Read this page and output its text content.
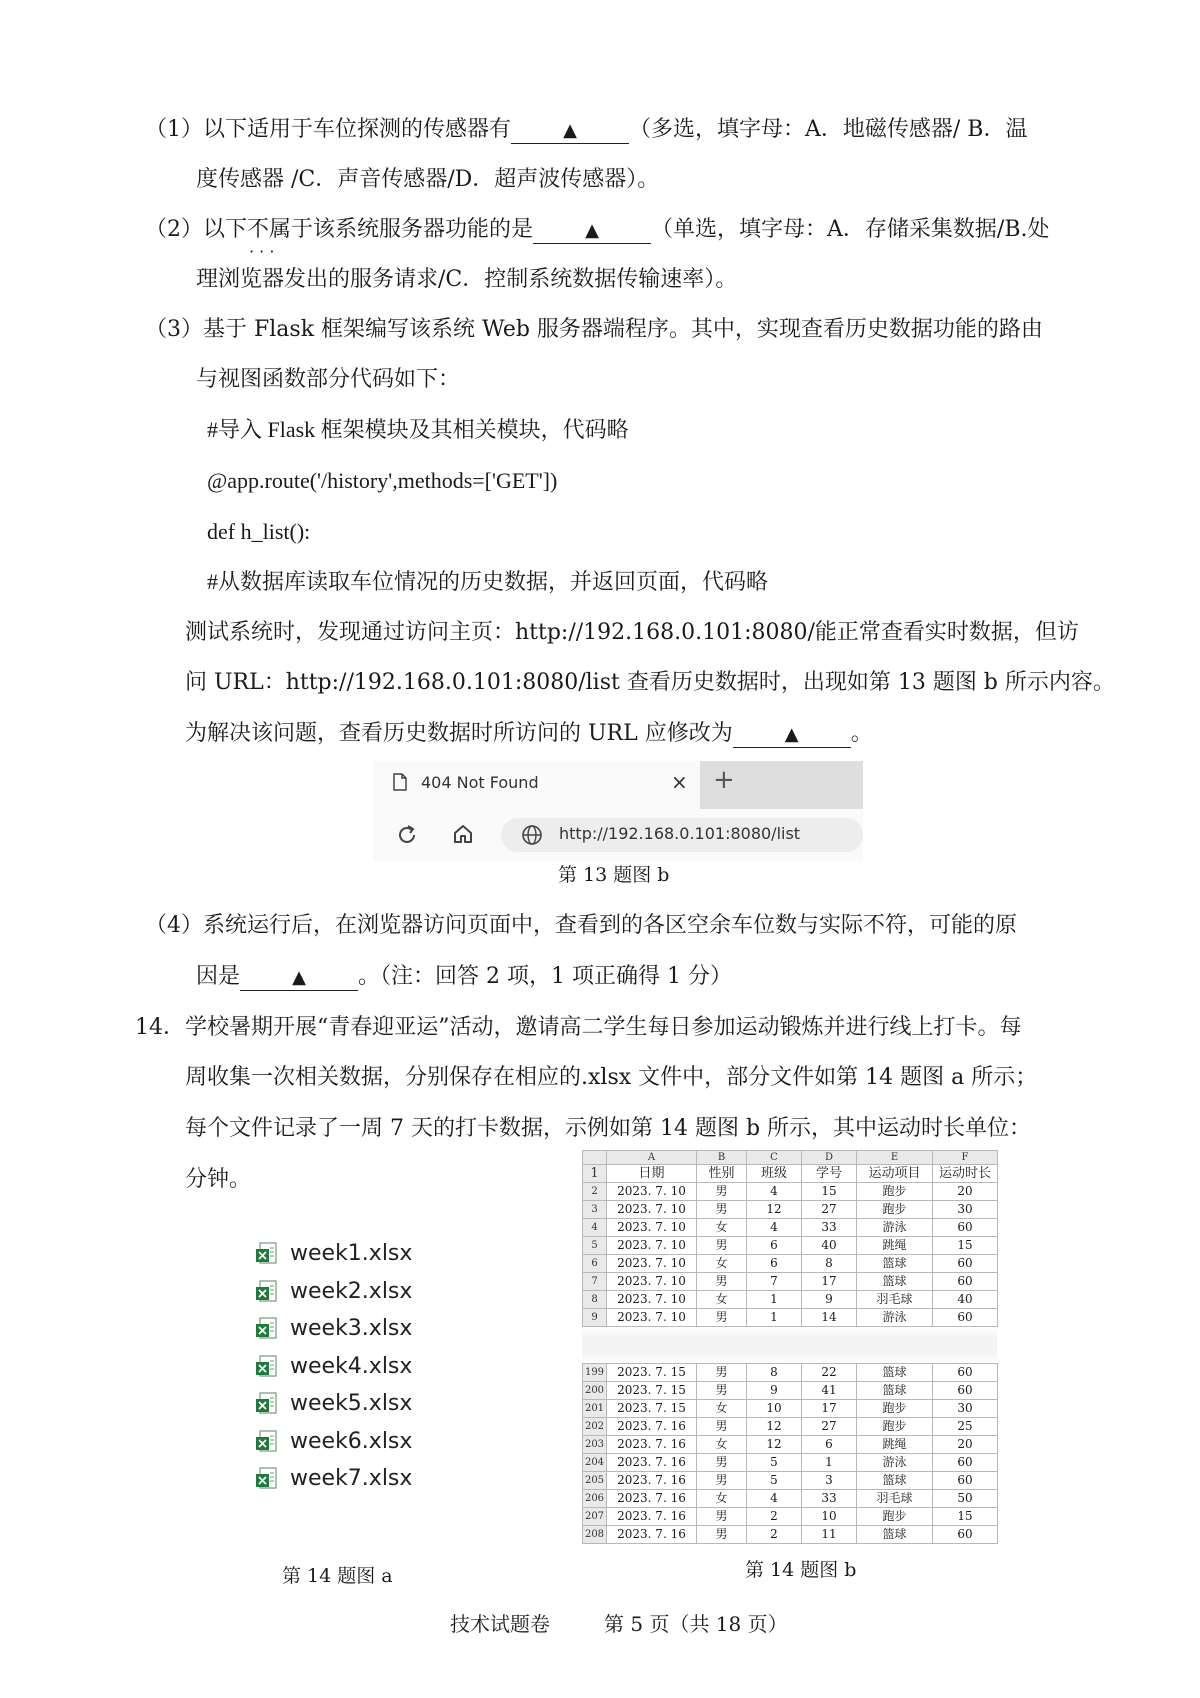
（1）以下适用于车位探测的传感器有	▲ （多选，填字母：A．地磁传感器/ B．温
度传感器 /C．声音传感器/D．超声波传感器）。
（2）以下不属于 · ·该系统服务器功能的是	▲ （单选，填字母：A．存储采集数据/B.处
理浏览器发出的服务请求/C．控制系统数据传输速率）。
（3）基于 Flask 框架编写该系统 Web 服务器端程序。其中，实现查看历史数据功能的路由
与视图函数部分代码如下：
#导入 Flask 框架模块及其相关模块，代码略
@app.route('/history',methods=['GET'])
def h_list():
#从数据库读取车位情况的历史数据，并返回页面，代码略
测试系统时，发现通过访问主页：http://192.168.0.101:8080/能正常查看实时数据，但访
问 URL：http://192.168.0.101:8080/list 查看历史数据时，出现如第 13 题图 b 所示内容。
为解决该问题，查看历史数据时所访问的 URL 应修改为	▲ 。
404 Not Found	× +
http://192.168.0.101:8080/list
第 13 题图 b
（4）系统运行后，在浏览器访问页面中，查看到的各区空余车位数与实际不符，可能的原
因是	▲ 。（注：回答 2 项，1 项正确得 1 分）
14．学校暑期开展“青春迎亚运”活动，邀请高二学生每日参加运动锻炼并进行线上打卡。每
周收集一次相关数据，分别保存在相应的.xlsx 文件中，部分文件如第 14 题图 a 所示；
每个文件记录了一周 7 天的打卡数据，示例如第 14 题图 b 所示，其中运动时长单位：
分钟。
week1.xlsx
week2.xlsx
week3.xlsx
week4.xlsx
week5.xlsx
week6.xlsx
week7.xlsx
第 14 题图 a
	A	B	C	D	E	F
1	日期	性别	班级	学号	运动项目	运动时长
2	2023. 7. 10	男	4	15	跑步	20
3	2023. 7. 10	男	12	27	跑步	30
4	2023. 7. 10	女	4	33	游泳	60
5	2023. 7. 10	男	6	40	跳绳	15
6	2023. 7. 10	女	6	8	篮球	60
7	2023. 7. 10	男	7	17	篮球	60
8	2023. 7. 10	女	1	9	羽毛球	40
9	2023. 7. 10	男	1	14	游泳	60
199	2023. 7. 15	男	8	22	篮球	60
200	2023. 7. 15	男	9	41	篮球	60
201	2023. 7. 15	女	10	17	跑步	30
202	2023. 7. 16	男	12	27	跑步	25
203	2023. 7. 16	女	12	6	跳绳	20
204	2023. 7. 16	男	5	1	游泳	60
205	2023. 7. 16	男	5	3	篮球	60
206	2023. 7. 16	女	4	33	羽毛球	50
207	2023. 7. 16	男	2	10	跑步	15
208	2023. 7. 16	男	2	11	篮球	60
第 14 题图 b
技术试题卷	第 5 页（共 18 页）
